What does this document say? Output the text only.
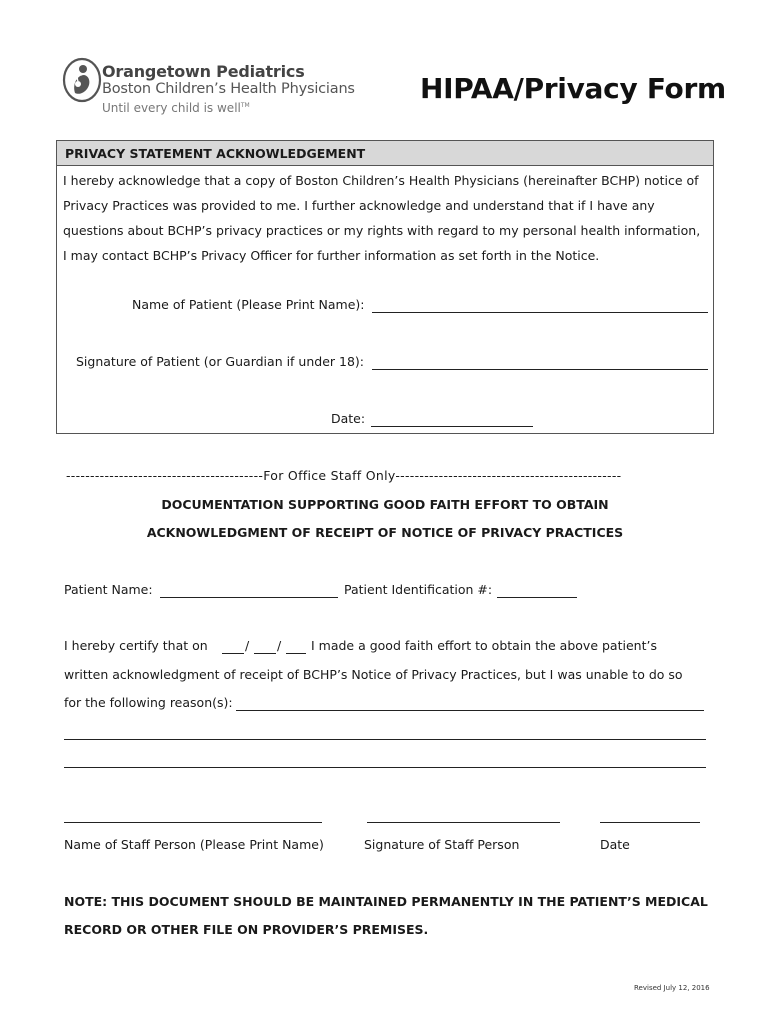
Orangetown Pediatrics
Boston Children’s Health Physicians
Until every child is well™
HIPAA/Privacy Form
PRIVACY STATEMENT ACKNOWLEDGEMENT
I hereby acknowledge that a copy of Boston Children’s Health Physicians (hereinafter BCHP) notice of
Privacy Practices was provided to me. I further acknowledge and understand that if I have any
questions about BCHP’s privacy practices or my rights with regard to my personal health information,
I may contact BCHP’s Privacy Officer for further information as set forth in the Notice.
Name of Patient (Please Print Name):
Signature of Patient (or Guardian if under 18):
Date:
-----------------------------------------For Office Staff Only-----------------------------------------------
DOCUMENTATION SUPPORTING GOOD FAITH EFFORT TO OBTAIN
ACKNOWLEDGMENT OF RECEIPT OF NOTICE OF PRIVACY PRACTICES
Patient Name:	Patient Identification #:
I hereby certify that on	/ / I made a good faith effort to obtain the above patient’s
written acknowledgment of receipt of BCHP’s Notice of Privacy Practices, but I was unable to do so
for the following reason(s):
Name of Staff Person (Please Print Name)	Signature of Staff Person	Date
NOTE: THIS DOCUMENT SHOULD BE MAINTAINED PERMANENTLY IN THE PATIENT’S MEDICAL
RECORD OR OTHER FILE ON PROVIDER’S PREMISES.
Revised July 12, 2016
